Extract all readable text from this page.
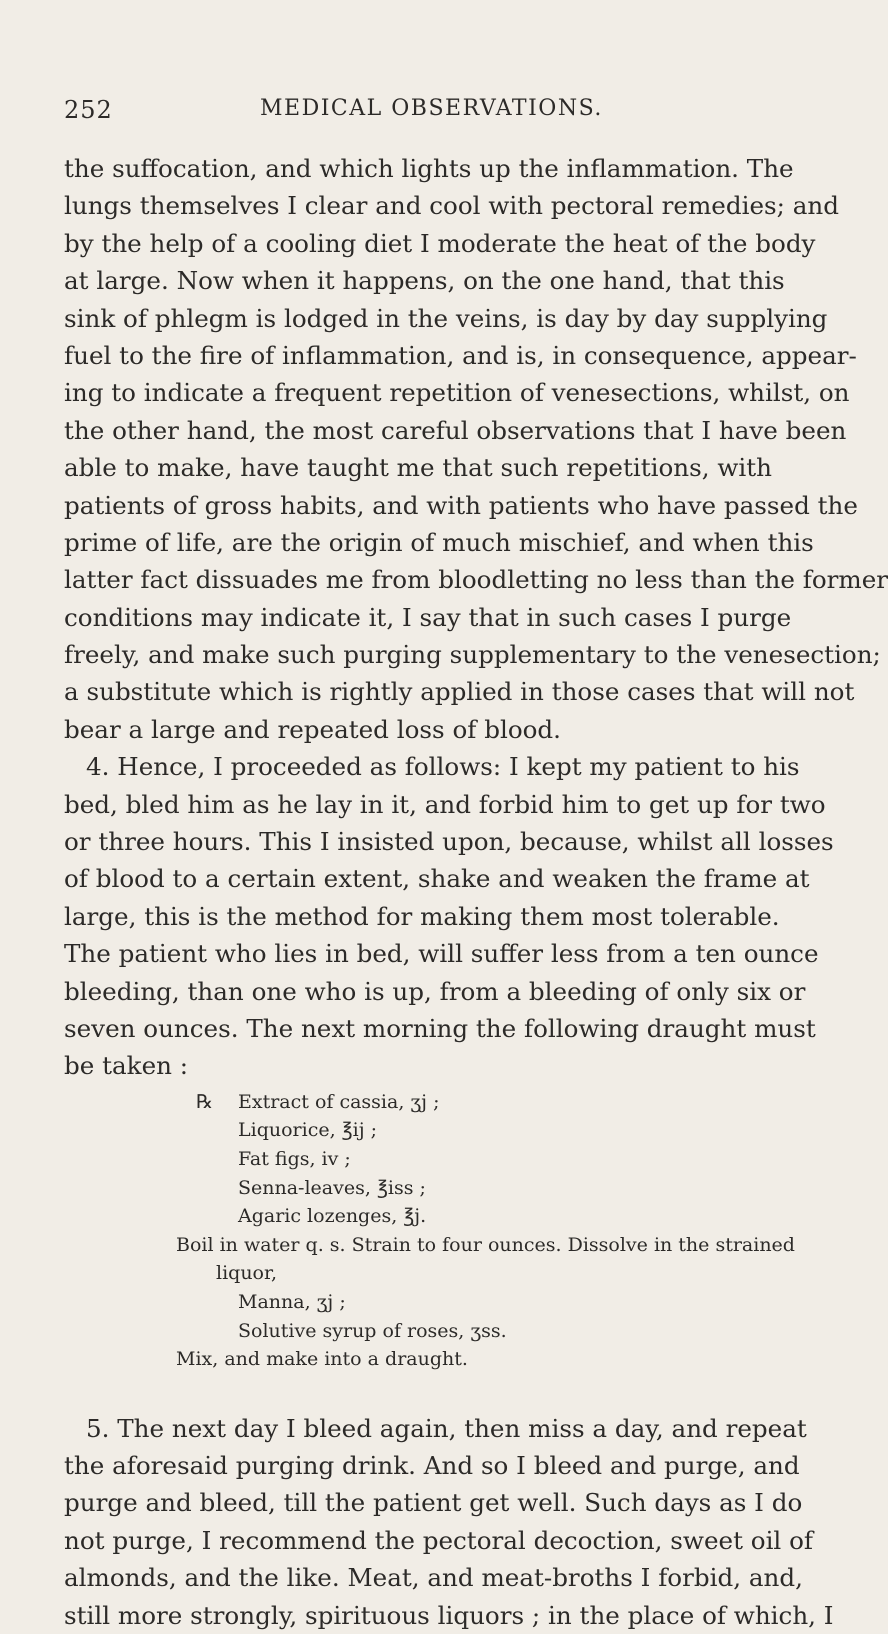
252	MEDICAL OBSERVATIONS.
the suffocation, and which lights up the inflammation. The
lungs themselves I clear and cool with pectoral remedies; and
by the help of a cooling diet I moderate the heat of the body
at large. Now when it happens, on the one hand, that this
sink of phlegm is lodged in the veins, is day by day supplying
fuel to the fire of inflammation, and is, in consequence, appear-
ing to indicate a frequent repetition of venesections, whilst, on
the other hand, the most careful observations that I have been
able to make, have taught me that such repetitions, with
patients of gross habits, and with patients who have passed the
prime of life, are the origin of much mischief, and when this
latter fact dissuades me from bloodletting no less than the former
conditions may indicate it, I say that in such cases I purge
freely, and make such purging supplementary to the venesection;
a substitute which is rightly applied in those cases that will not
bear a large and repeated loss of blood.
4. Hence, I proceeded as follows: I kept my patient to his
bed, bled him as he lay in it, and forbid him to get up for two
or three hours. This I insisted upon, because, whilst all losses
of blood to a certain extent, shake and weaken the frame at
large, this is the method for making them most tolerable.
The patient who lies in bed, will suffer less from a ten ounce
bleeding, than one who is up, from a bleeding of only six or
seven ounces. The next morning the following draught must
be taken :
℞ Extract of cassia, ʒj ;
Liquorice, ℥ij ;
Fat figs, iv ;
Senna-leaves, ℥iss ;
Agaric lozenges, ℥j.
Boil in water q. s. Strain to four ounces. Dissolve in the strained
liquor,
Manna, ʒj ;
Solutive syrup of roses, ʒss.
Mix, and make into a draught.
5. The next day I bleed again, then miss a day, and repeat
the aforesaid purging drink. And so I bleed and purge, and
purge and bleed, till the patient get well. Such days as I do
not purge, I recommend the pectoral decoction, sweet oil of
almonds, and the like. Meat, and meat-broths I forbid, and,
still more strongly, spirituous liquors ; in the place of which, I
